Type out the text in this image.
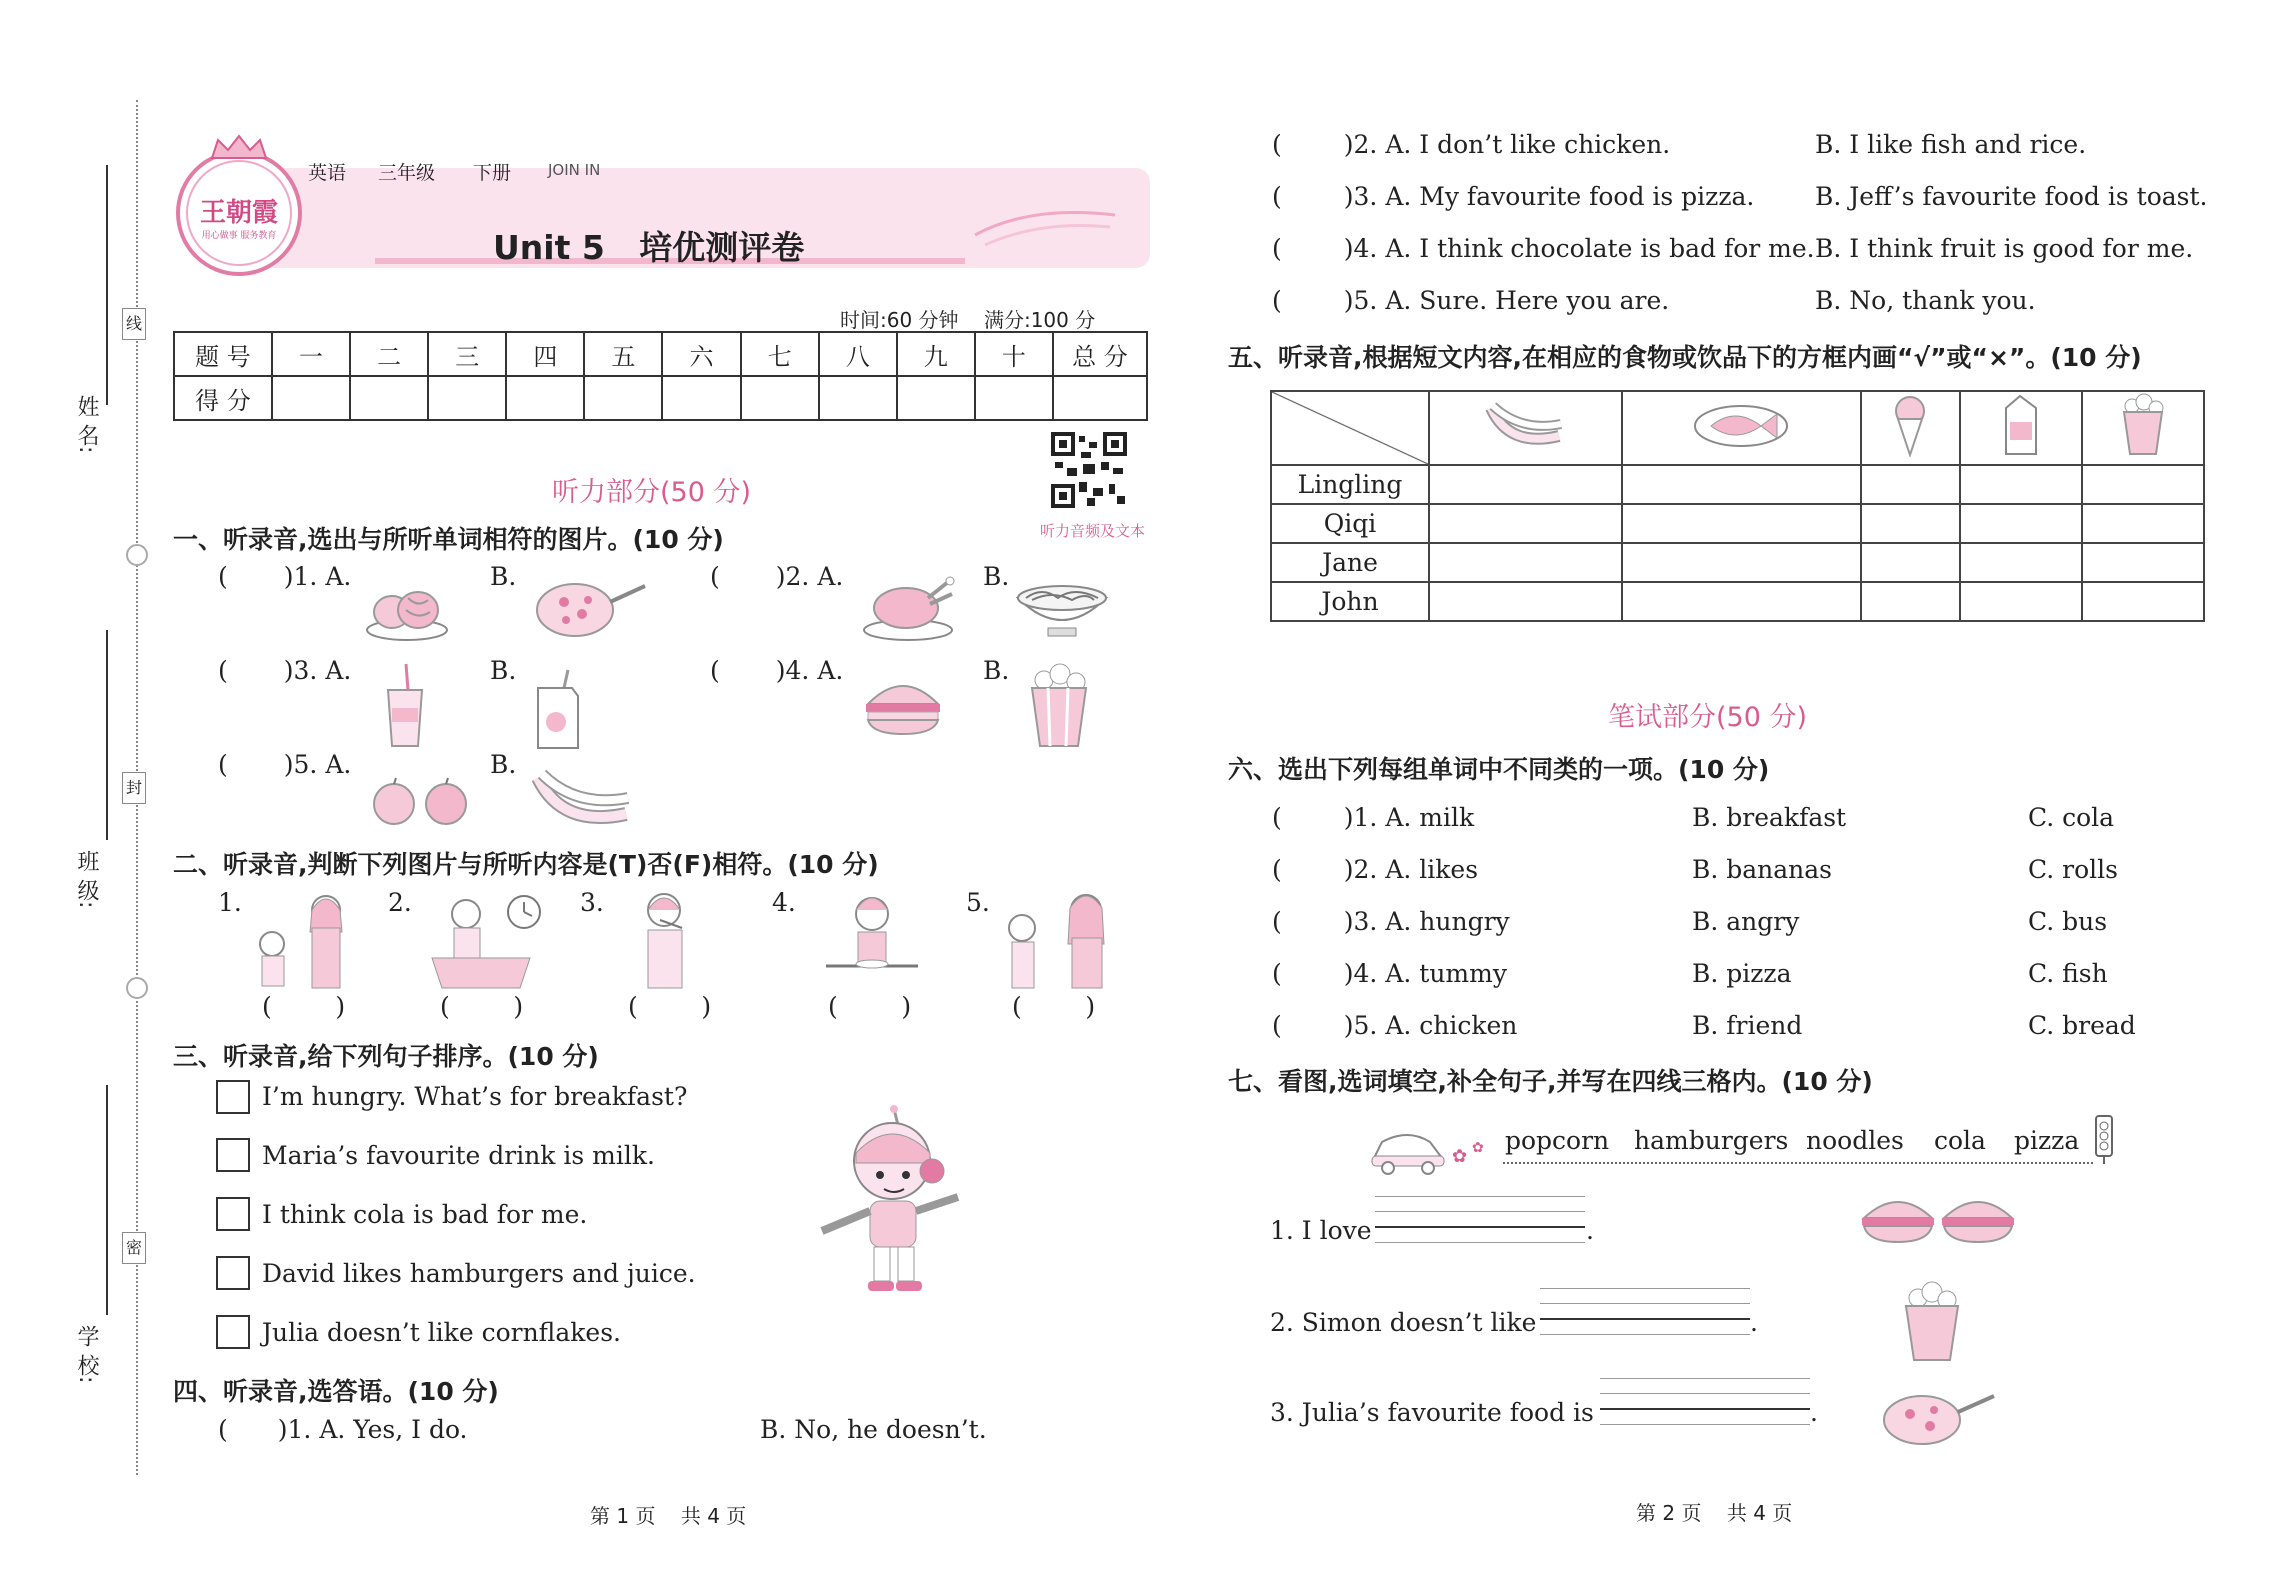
姓 名:
班 级:
学 校:
线
封
密
王朝霞
用心做事 服务教育
英语 三年级 下册 JOIN IN
Unit 5   培优测评卷
时间:60 分钟    满分:100 分
题 号	一	二	三	四	五	六	七	八	九	十	总 分
得 分											
听力音频及文本
听力部分(50 分)
一、听录音,选出与所听单词相符的图片。(10 分)
( )1. A.	B.	( )2. A.	B.
( )3. A.	B.	( )4. A.	B.
( )5. A.	B.
二、听录音,判断下列图片与所听内容是(T)否(F)相符。(10 分)
1.	2.	3.	4.	5.
(        )	(        )	(        )	(        )	(        )
三、听录音,给下列句子排序。(10 分)
I’m hungry. What’s for breakfast?
Maria’s favourite drink is milk.
I think cola is bad for me.
David likes hamburgers and juice.
Julia doesn’t like cornflakes.
四、听录音,选答语。(10 分)
( )1. A. Yes, I do.	B. No, he doesn’t.
第 1 页    共 4 页
( )2. A. I don’t like chicken.	B. I like fish and rice.
( )3. A. My favourite food is pizza. B. Jeff’s favourite food is toast.
( )4. A. I think chocolate is bad for me. B. I think fruit is good for me.
( )5. A. Sure. Here you are.	B. No, thank you.
五、听录音,根据短文内容,在相应的食物或饮品下的方框内画“√”或“×”。(10 分)

Lingling					
Qiqi					
Jane					
John					
笔试部分(50 分)
六、选出下列每组单词中不同类的一项。(10 分)
( )1. A. milk	B. breakfast	C. cola
( )2. A. likes	B. bananas	C. rolls
( )3. A. hungry	B. angry	C. bus
( )4. A. tummy	B. pizza	C. fish
( )5. A. chicken	B. friend	C. bread
七、看图,选词填空,补全句子,并写在四线三格内。(10 分)
✿ ✿ popcorn hamburgers noodles cola pizza
1. I love	.
2. Simon doesn’t like	.
3. Julia’s favourite food is	.
第 2 页    共 4 页
